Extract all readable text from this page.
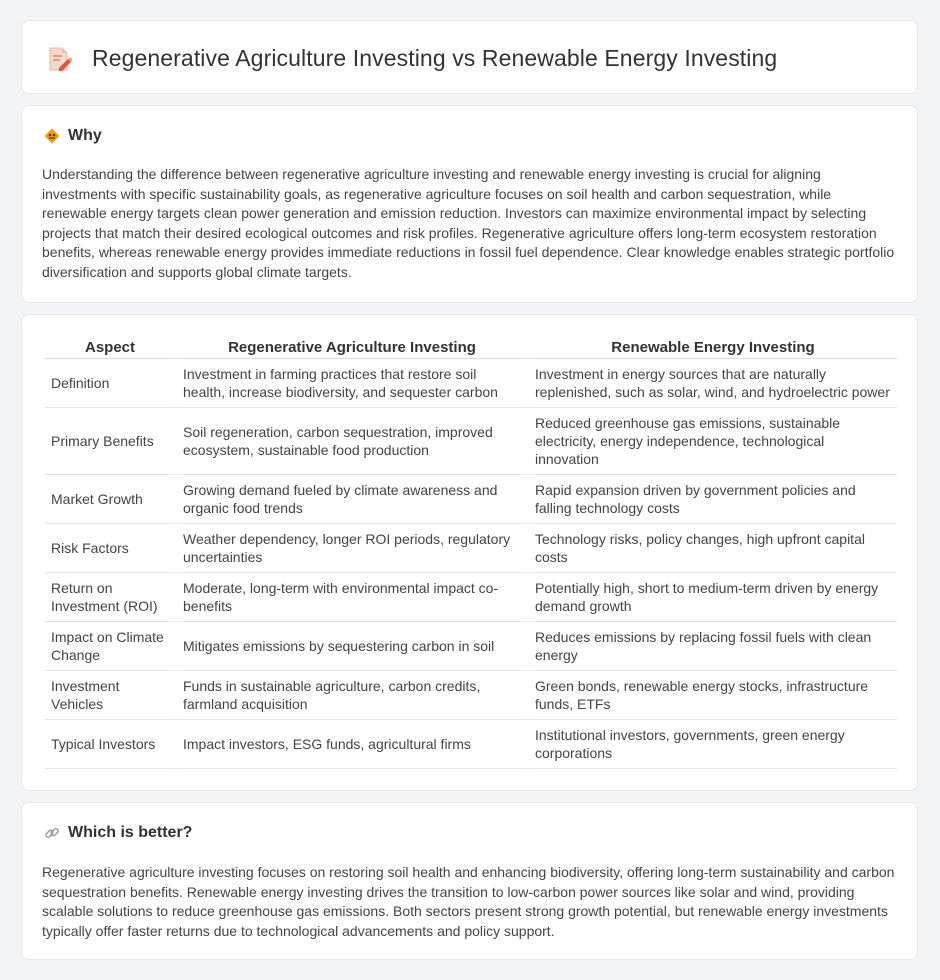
Regenerative Agriculture Investing vs Renewable Energy Investing
Why

Understanding the difference between regenerative agriculture investing and renewable energy investing is crucial for aligning investments with specific sustainability goals, as regenerative agriculture focuses on soil health and carbon sequestration, while renewable energy targets clean power generation and emission reduction. Investors can maximize environmental impact by selecting projects that match their desired ecological outcomes and risk profiles. Regenerative agriculture offers long-term ecosystem restoration benefits, whereas renewable energy provides immediate reductions in fossil fuel dependence. Clear knowledge enables strategic portfolio diversification and supports global climate targets.

Aspect	Regenerative Agriculture Investing	Renewable Energy Investing
Definition	Investment in farming practices that restore soil health, increase biodiversity, and sequester carbon	Investment in energy sources that are naturally replenished, such as solar, wind, and hydroelectric power
Primary Benefits	Soil regeneration, carbon sequestration, improved ecosystem, sustainable food production	Reduced greenhouse gas emissions, sustainable electricity, energy independence, technological innovation
Market Growth	Growing demand fueled by climate awareness and organic food trends	Rapid expansion driven by government policies and falling technology costs
Risk Factors	Weather dependency, longer ROI periods, regulatory uncertainties	Technology risks, policy changes, high upfront capital costs
Return on Investment (ROI)	Moderate, long-term with environmental impact co-benefits	Potentially high, short to medium-term driven by energy demand growth
Impact on Climate Change	Mitigates emissions by sequestering carbon in soil	Reduces emissions by replacing fossil fuels with clean energy
Investment Vehicles	Funds in sustainable agriculture, carbon credits, farmland acquisition	Green bonds, renewable energy stocks, infrastructure funds, ETFs
Typical Investors	Impact investors, ESG funds, agricultural firms	Institutional investors, governments, green energy corporations
Which is better?

Regenerative agriculture investing focuses on restoring soil health and enhancing biodiversity, offering long-term sustainability and carbon sequestration benefits. Renewable energy investing drives the transition to low-carbon power sources like solar and wind, providing scalable solutions to reduce greenhouse gas emissions. Both sectors present strong growth potential, but renewable energy investments typically offer faster returns due to technological advancements and policy support.
